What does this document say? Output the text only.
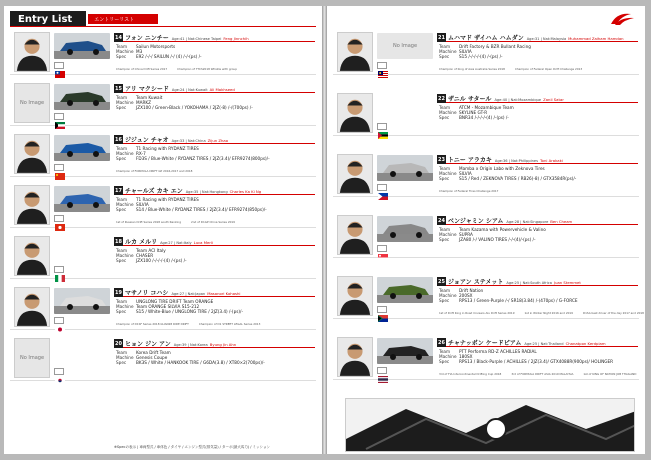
Entry List	エントリーリスト
14 フォン ニンチー Age:41 | Nat:Chinese Taipei Feng Jinnchih
Team	Sailun Motorsports
Machine M3
Spec	E92 /-/-/ SAILUN /-/ (4) /-/-(ps) /-
Champion of China Drift Series 2017	Champion of TTCS2018 Whistle with group
No Image
15 アリ マクシード Age:24 | Nat:Kuwait Ali Makhseed
Team	Team Kuwait
Machine MARKZ
Spec	JZX100 / Green-Black / YOKOHAMA / 2JZ(-8) /-/(700ps) /-
16 ジジュン チャオ Age:33 | Nat:China Zijun Zhao
Team	T1 Racing with RYDANZ TIRES
Machine RX-7
Spec	FD3S / Blue-White / RYDANZ TIRES / 2JZ(3.4)/ EFR9274(800ps)/-
Champion of FORMULA DRIFT GP 2016,2017 and 2018
17 チャールズ カキ エン Age:35 | Nat:Hongkong Charles Ka Ki Ng
Team	T1 Racing with RYDANZ TIRES
Machine SILVIA
Spec	S14 / Blue-White / RYDANZ TIRES / 2JZ(3.4)/ EFR9274(850ps)/-
1st of Russian Drift Series 2018 south Ranking	2nd of D1GP China Series 2019
18 ルカ メルリ Age:27 | Nat:Italy Luca Merli
Team	Team ACI Italy
Machine CHASER
Spec	JZX100 /-/-/-/-(4) /-(ps) /-
19 マサノリ コハシ Age:27 | Nat:Japan Masanori Kohashi
Team	UNGLONG TIRE DRIFT Team ORANGE
Machine Team ORANGE SILVIA S15-212
Spec	S15 / White-Blue / UNGLONG TIRE / 2JZ(3.4) /-(ps)/-
Champion of D1SF Series 2018 GUAN28 RIDE DRIFT	Champion of D1 STREET LEGAL Series 2013
No Image
20 ヒョン ジン アン Age:39 | Nat:Korea Byung Jin Ahn
Team	Korea Drift Team
Machine Genesis Coupe
Spec	BK3S / White / HANKOOK TIRE / G6DA(3.8) / XT80×2(700ps)/-
※Specの表示 | 車両型式 / 車体色 / タイヤ / エンジン型式(排気量) / ターボ(最大馬力) / ミッション
No Image
21 ムハマド ザイハム ハムダン Age:31 | Nat:Malaysia Muhammad Zaiham Hamdan
Team	Drift Factory & BZR Bullant Racing
Machine SILVIA
Spec	S15 /-/-/-/-(4) /-(ps) /-
Champion of King of Asia Australia Series 2018	Champion of Federal Open Drift Challenge 2013
22 ザニル サタール Age:40 | Nat:Mozambique Zanil Satar
Team	ATCM - Mozambique Team
Machine SKYLINE GT-R
Spec	BNR34 /-/-/-/-(4) /-(ps) /-
23 トニー アラカキ Age:36 | Nat:Philippines Toni Arakaki
Team	Mamba x Origin Labo with Zeknova Tires
Machine SILVIA
Spec	S15 / Red / ZEKNOVA TIRES / RB26(-8) / GTX3584R(ps)/-
Champion of Federal Tires Challenge 2017
24 ベンジャミン シアム Age:28 | Nat:Singapore Ben Cheam
Team	Team Kazama with PowervehicIe & Valino
Machine SUPRA
Spec	JZA80 /-/ VALINO TIRES /-/-(4)/-(ps) /-
25 ジョアン ステメット Age:25 | Nat:South Africa Juan Stemmet
Team	Drift Nation
Machine 200SX
Spec	RPS13 / Green-Purple /-/ SR18(3.84) /-(470ps) / G-FORCE
1st of Drift King in Road Cruisers Alu Drift Series 2019	1st in Winter Night 2016 and 2019	D1SA best driver of the day 2017 and 2018
26 チャナッポン ケードピアム Age:25 | Nat:Thailand Chanatpon Kerdpiam
Team	PTT Performa RD-Z ACHILLES RADIAL
Machine 180SX
Spec	RPS13 / Black-Purple / ACHILLES / 2JZ(3.4)/ GTX4088R(900ps)/ HOLINGER
3rd of FIA Intercontinental Drifting Cup 2018	3rd of FORMULA DRIFT ASIA 2019 MALAYSIA	1st of KING OF NATION JOB THAILAND
